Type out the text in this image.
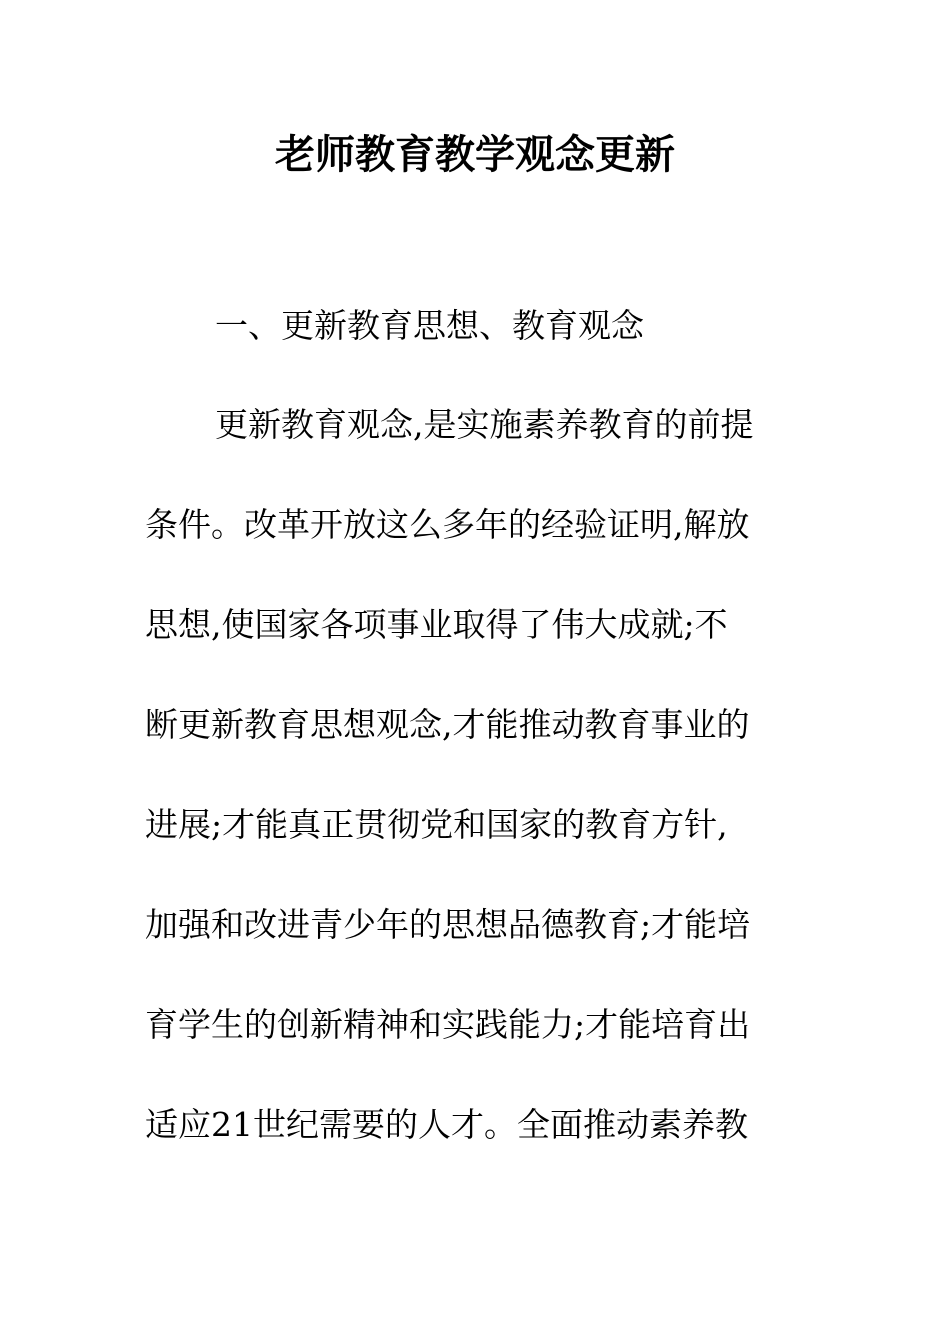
老师教育教学观念更新
一、更新教育思想、教育观念

更新教育观念,是实施素养教育的前提

条件。改革开放这么多年的经验证明,解放

思想,使国家各项事业取得了伟大成就;不

断更新教育思想观念,才能推动教育事业的

进展;才能真正贯彻党和国家的教育方针,

加强和改进青少年的思想品德教育;才能培

育学生的创新精神和实践能力;才能培育出

适应21世纪需要的人才。全面推动素养教
